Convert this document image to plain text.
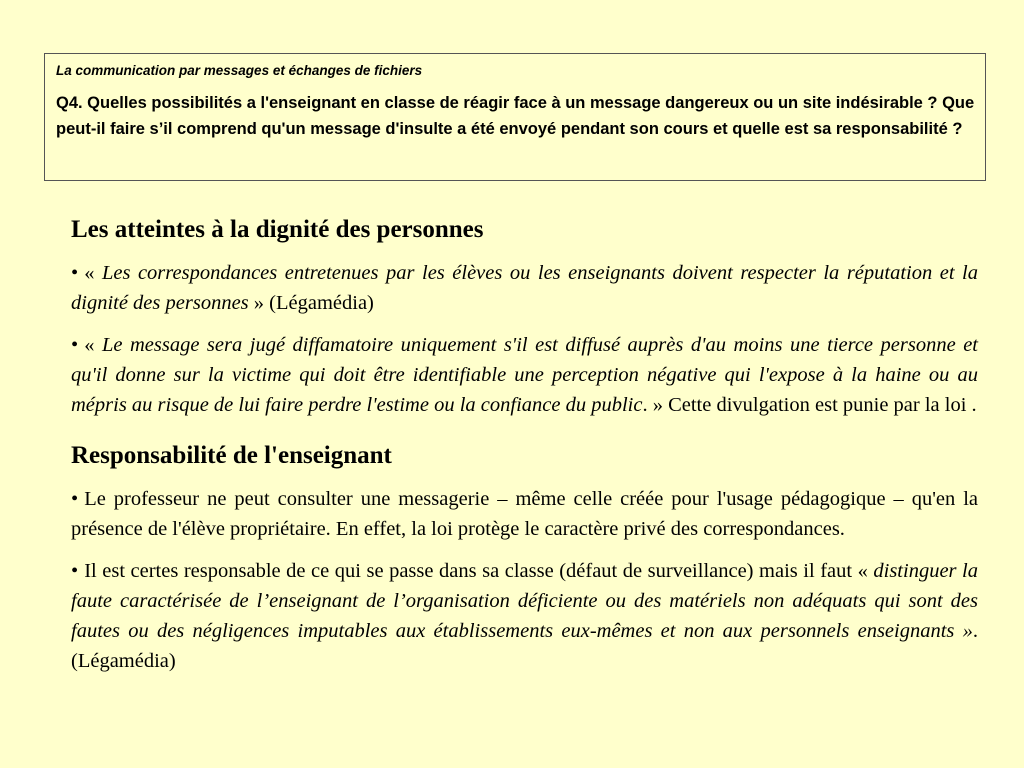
La communication par messages et échanges de fichiers

Q4. Quelles possibilités a l'enseignant en classe de réagir face à un message dangereux ou un site indésirable ? Que peut-il faire s’il comprend qu'un message d'insulte a été envoyé pendant son cours et quelle est sa responsabilité ?

Les atteintes à la dignité des personnes

• « Les correspondances entretenues par les élèves ou les enseignants doivent respecter la réputation et la dignité des personnes » (Légamédia)

• « Le message sera jugé diffamatoire uniquement s'il est diffusé auprès d'au moins une tierce personne et qu'il donne sur la victime qui doit être identifiable une perception négative qui l'expose à la haine ou au mépris au risque de lui faire perdre l'estime ou la confiance du public. » Cette divulgation est punie par la loi .

Responsabilité de l'enseignant

• Le professeur ne peut consulter une messagerie – même celle créée pour l'usage pédagogique – qu'en la présence de l'élève propriétaire. En effet, la loi protège le caractère privé des correspondances.

• Il est certes responsable de ce qui se passe dans sa classe (défaut de surveillance) mais il faut « distinguer la faute caractérisée de l’enseignant de l’organisation déficiente ou des matériels non adéquats qui sont des fautes ou des négligences imputables aux établissements eux-mêmes et non aux personnels enseignants ». (Légamédia)
